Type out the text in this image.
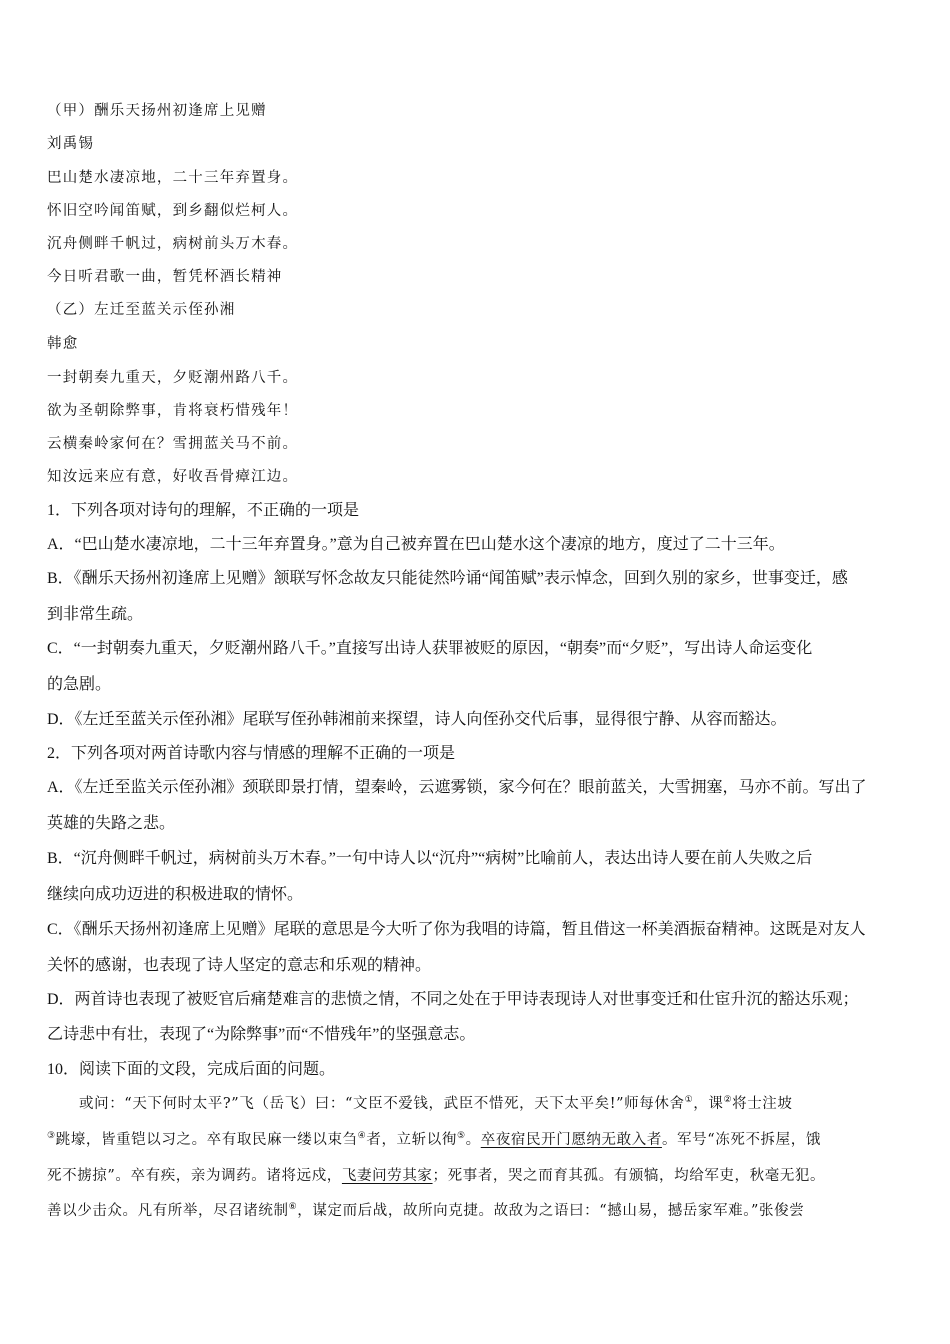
（甲）酬乐天扬州初逢席上见赠
刘禹锡
巴山楚水凄凉地，二十三年弃置身。
怀旧空吟闻笛赋，到乡翻似烂柯人。
沉舟侧畔千帆过，病树前头万木春。
今日听君歌一曲，暂凭杯酒长精神
（乙）左迁至蓝关示侄孙湘
韩愈
一封朝奏九重天，夕贬潮州路八千。
欲为圣朝除弊事，肯将衰朽惜残年！
云横秦岭家何在？雪拥蓝关马不前。
知汝远来应有意，好收吾骨瘴江边。
1．下列各项对诗句的理解，不正确的一项是
A．“巴山楚水凄凉地，二十三年弃置身。”意为自己被弃置在巴山楚水这个凄凉的地方，度过了二十三年。
B．《酬乐天扬州初逢席上见赠》颔联写怀念故友只能徒然吟诵“闻笛赋”表示悼念，回到久别的家乡，世事变迁，感
到非常生疏。
C．“一封朝奏九重天，夕贬潮州路八千。”直接写出诗人获罪被贬的原因，“朝奏”而“夕贬”，写出诗人命运变化
的急剧。
D．《左迁至蓝关示侄孙湘》尾联写侄孙韩湘前来探望，诗人向侄孙交代后事，显得很宁静、从容而豁达。
2．下列各项对两首诗歌内容与情感的理解不正确的一项是
A．《左迁至监关示侄孙湘》颈联即景打情，望秦岭，云遮雾锁，家今何在？眼前蓝关，大雪拥塞，马亦不前。写出了
英雄的失路之悲。
B．“沉舟侧畔千帆过，病树前头万木春。”一句中诗人以“沉舟”“病树”比喻前人，表达出诗人要在前人失败之后
继续向成功迈进的积极进取的情怀。
C．《酬乐天扬州初逢席上见赠》尾联的意思是今大听了你为我唱的诗篇，暂且借这一杯美酒振奋精神。这既是对友人
关怀的感谢，也表现了诗人坚定的意志和乐观的精神。
D．两首诗也表现了被贬官后痛楚难言的悲愤之情，不同之处在于甲诗表现诗人对世事变迁和仕宦升沉的豁达乐观；
乙诗悲中有壮，表现了“为除弊事”而“不惜残年”的坚强意志。
10．阅读下面的文段，完成后面的问题。
或问：“天下何时太平?”飞（岳飞）曰：“文臣不爱钱，武臣不惜死，天下太平矣!”师每休舍①，课②将士注坡
③跳壕，皆重铠以习之。卒有取民麻一缕以束刍④者，立斩以徇⑤。卒夜宿民开门愿纳无敢入者。军号“冻死不拆屋，饿
死不掳掠”。卒有疾，亲为调药。诸将远戍，飞妻问劳其家；死事者，哭之而育其孤。有颁犒，均给军吏，秋毫无犯。
善以少击众。凡有所举，尽召诸统制⑥，谋定而后战，故所向克捷。故敌为之语曰：“撼山易，撼岳家军难。”张俊尝
